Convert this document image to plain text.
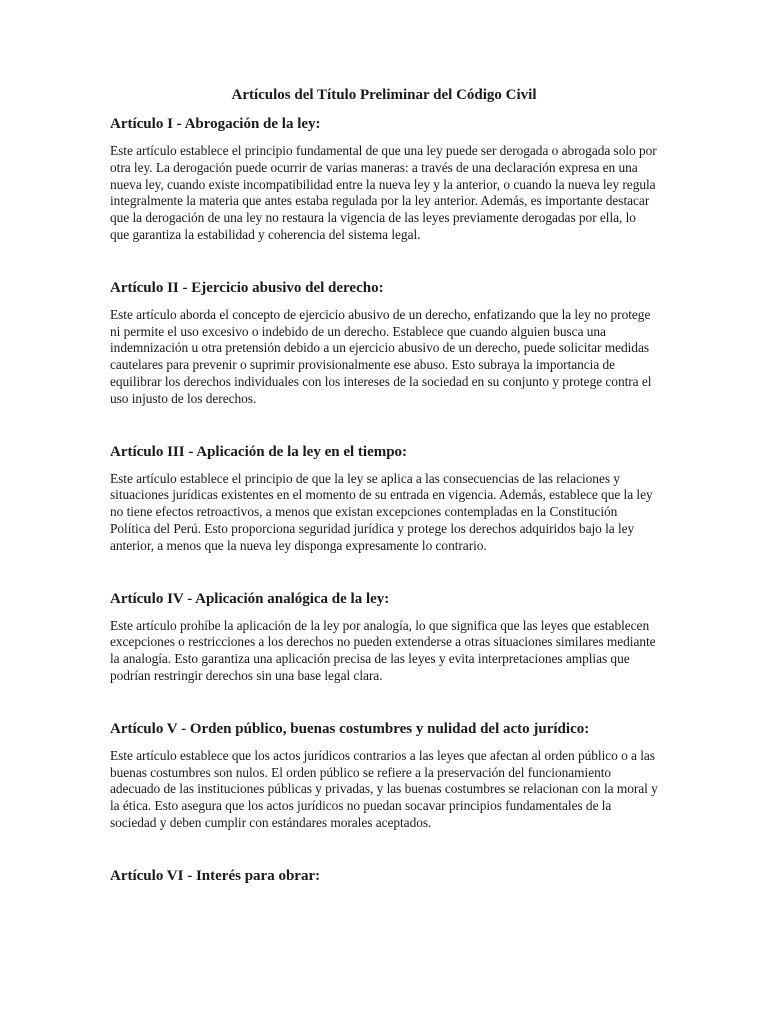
Artículos del Título Preliminar del Código Civil
Artículo I - Abrogación de la ley:

Este artículo establece el principio fundamental de que una ley puede ser derogada o abrogada solo por otra ley. La derogación puede ocurrir de varias maneras: a través de una declaración expresa en una nueva ley, cuando existe incompatibilidad entre la nueva ley y la anterior, o cuando la nueva ley regula integralmente la materia que antes estaba regulada por la ley anterior. Además, es importante destacar que la derogación de una ley no restaura la vigencia de las leyes previamente derogadas por ella, lo que garantiza la estabilidad y coherencia del sistema legal.

Artículo II - Ejercicio abusivo del derecho:

Este artículo aborda el concepto de ejercicio abusivo de un derecho, enfatizando que la ley no protege ni permite el uso excesivo o indebido de un derecho. Establece que cuando alguien busca una indemnización u otra pretensión debido a un ejercicio abusivo de un derecho, puede solicitar medidas cautelares para prevenir o suprimir provisionalmente ese abuso. Esto subraya la importancia de equilibrar los derechos individuales con los intereses de la sociedad en su conjunto y protege contra el uso injusto de los derechos.

Artículo III - Aplicación de la ley en el tiempo:

Este artículo establece el principio de que la ley se aplica a las consecuencias de las relaciones y situaciones jurídicas existentes en el momento de su entrada en vigencia. Además, establece que la ley no tiene efectos retroactivos, a menos que existan excepciones contempladas en la Constitución Política del Perú. Esto proporciona seguridad jurídica y protege los derechos adquiridos bajo la ley anterior, a menos que la nueva ley disponga expresamente lo contrario.

Artículo IV - Aplicación analógica de la ley:

Este artículo prohíbe la aplicación de la ley por analogía, lo que significa que las leyes que establecen excepciones o restricciones a los derechos no pueden extenderse a otras situaciones similares mediante la analogía. Esto garantiza una aplicación precisa de las leyes y evita interpretaciones amplias que podrían restringir derechos sin una base legal clara.

Artículo V - Orden público, buenas costumbres y nulidad del acto jurídico:

Este artículo establece que los actos jurídicos contrarios a las leyes que afectan al orden público o a las buenas costumbres son nulos. El orden público se refiere a la preservación del funcionamiento adecuado de las instituciones públicas y privadas, y las buenas costumbres se relacionan con la moral y la ética. Esto asegura que los actos jurídicos no puedan socavar principios fundamentales de la sociedad y deben cumplir con estándares morales aceptados.

Artículo VI - Interés para obrar:
